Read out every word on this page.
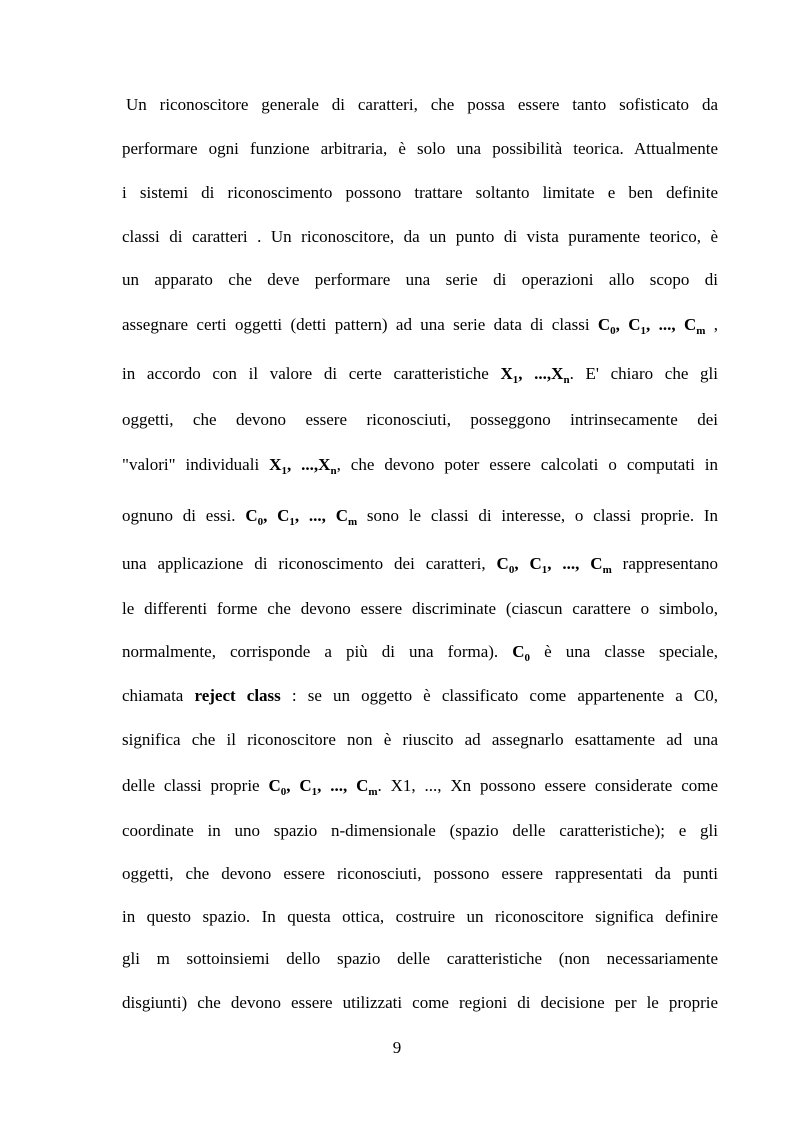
Un riconoscitore generale di caratteri, che possa essere tanto sofisticato da
performare ogni funzione arbitraria, è solo una possibilità teorica. Attualmente
i sistemi di riconoscimento possono trattare soltanto limitate e ben definite
classi di caratteri . Un riconoscitore, da un punto di vista puramente teorico, è
un apparato che deve performare una serie di operazioni allo scopo di
assegnare certi oggetti (detti pattern) ad una serie data di classi $C_0$, $C_1$, ..., $C_m$ ,
in accordo con il valore di certe caratteristiche $X_1$, $...,X_n$. E' chiaro che gli
oggetti, che devono essere riconosciuti, posseggono intrinsecamente dei
"valori" individuali $X_1$, $...,X_n$, che devono poter essere calcolati o computati in
ognuno di essi. $C_0$, $C_1$, ..., $C_m$ sono le classi di interesse, o classi proprie. In
una applicazione di riconoscimento dei caratteri, $C_0$, $C_1$, ..., $C_m$ rappresentano
le differenti forme che devono essere discriminate (ciascun carattere o simbolo,
normalmente, corrisponde a più di una forma). $C_0$ è una classe speciale,
chiamata reject class : se un oggetto è classificato come appartenente a C0,
significa che il riconoscitore non è riuscito ad assegnarlo esattamente ad una
delle classi proprie $C_0$, $C_1$, ..., $C_m$. X1, ..., Xn possono essere considerate come
coordinate in uno spazio n-dimensionale (spazio delle caratteristiche); e gli
oggetti, che devono essere riconosciuti, possono essere rappresentati da punti
in questo spazio. In questa ottica, costruire un riconoscitore significa definire
gli m sottoinsiemi dello spazio delle caratteristiche (non necessariamente
disgiunti) che devono essere utilizzati come regioni di decisione per le proprie
9
